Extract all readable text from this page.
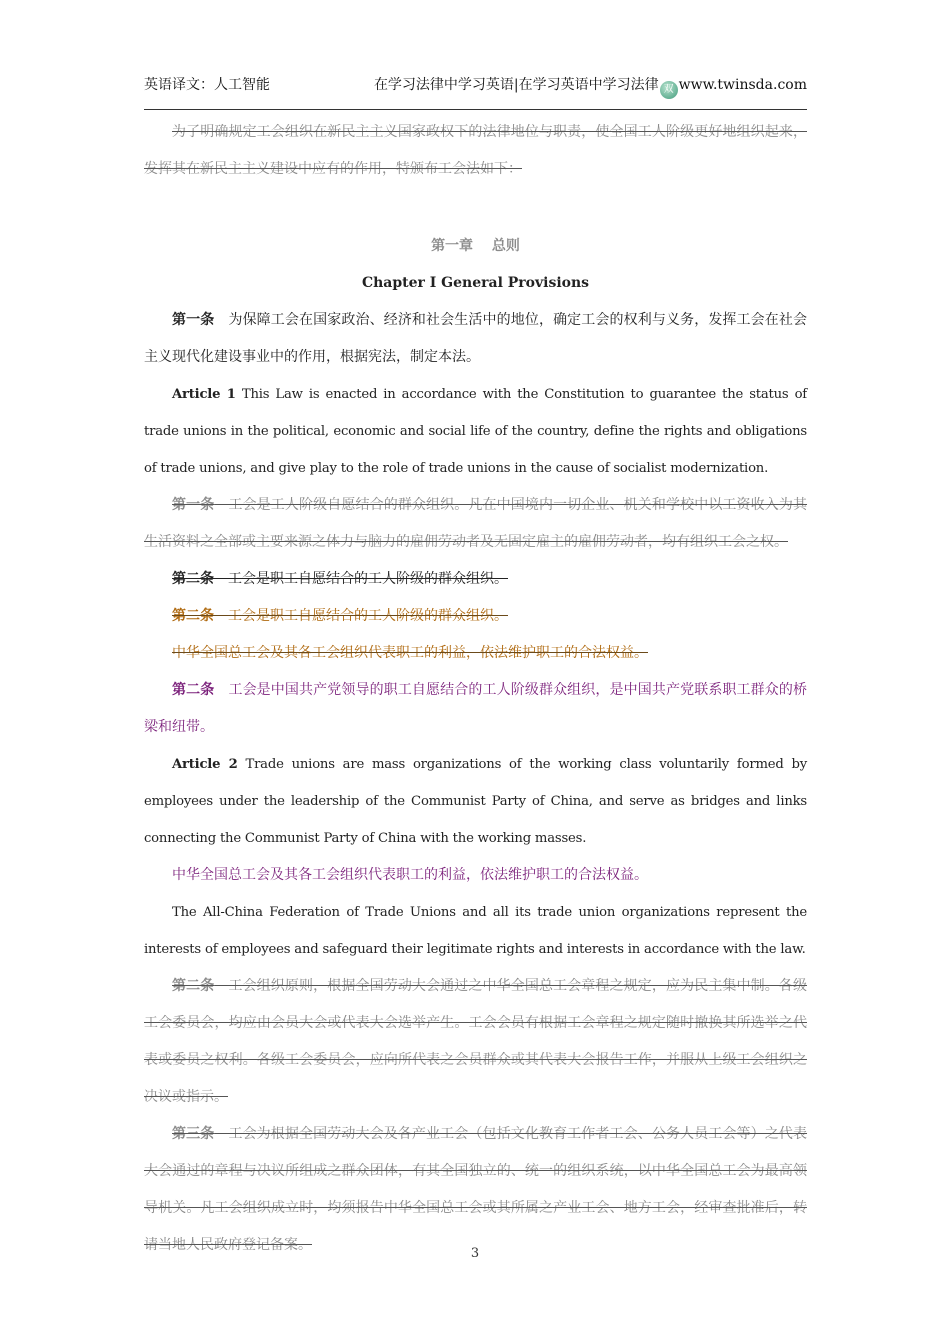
英语译文：人工智能	在学习法律中学习英语|在学习英语中学习法律 双 www.twinsda.com

为了明确规定工会组织在新民主主义国家政权下的法律地位与职责，使全国工人阶级更好地组织起来，发挥其在新民主主义建设中应有的作用，特颁布工会法如下：

第一章　 总则

Chapter I General Provisions

第一条　为保障工会在国家政治、经济和社会生活中的地位，确定工会的权利与义务，发挥工会在社会主义现代化建设事业中的作用，根据宪法，制定本法。

Article 1 This Law is enacted in accordance with the Constitution to guarantee the status of trade unions in the political, economic and social life of the country, define the rights and obligations of trade unions, and give play to the role of trade unions in the cause of socialist modernization.

第一条　工会是工人阶级自愿结合的群众组织。凡在中国境内一切企业、机关和学校中以工资收入为其生活资料之全部或主要来源之体力与脑力的雇佣劳动者及无固定雇主的雇佣劳动者，均有组织工会之权。

第二条　工会是职工自愿结合的工人阶级的群众组织。

第二条　工会是职工自愿结合的工人阶级的群众组织。

中华全国总工会及其各工会组织代表职工的利益，依法维护职工的合法权益。

第二条　工会是中国共产党领导的职工自愿结合的工人阶级群众组织，是中国共产党联系职工群众的桥梁和纽带。

Article 2 Trade unions are mass organizations of the working class voluntarily formed by employees under the leadership of the Communist Party of China, and serve as bridges and links connecting the Communist Party of China with the working masses.

中华全国总工会及其各工会组织代表职工的利益，依法维护职工的合法权益。

The All-China Federation of Trade Unions and all its trade union organizations represent the interests of employees and safeguard their legitimate rights and interests in accordance with the law.

第二条　工会组织原则，根据全国劳动大会通过之中华全国总工会章程之规定，应为民主集中制。各级工会委员会，均应由会员大会或代表大会选举产生。工会会员有根据工会章程之规定随时撤换其所选举之代表或委员之权利。各级工会委员会，应向所代表之会员群众或其代表大会报告工作，并服从上级工会组织之决议或指示。

第三条　工会为根据全国劳动大会及各产业工会（包括文化教育工作者工会、公务人员工会等）之代表大会通过的章程与决议所组成之群众团体，有其全国独立的、统一的组织系统，以中华全国总工会为最高领导机关。凡工会组织成立时，均须报告中华全国总工会或其所属之产业工会、地方工会，经审查批准后，转请当地人民政府登记备案。

3
